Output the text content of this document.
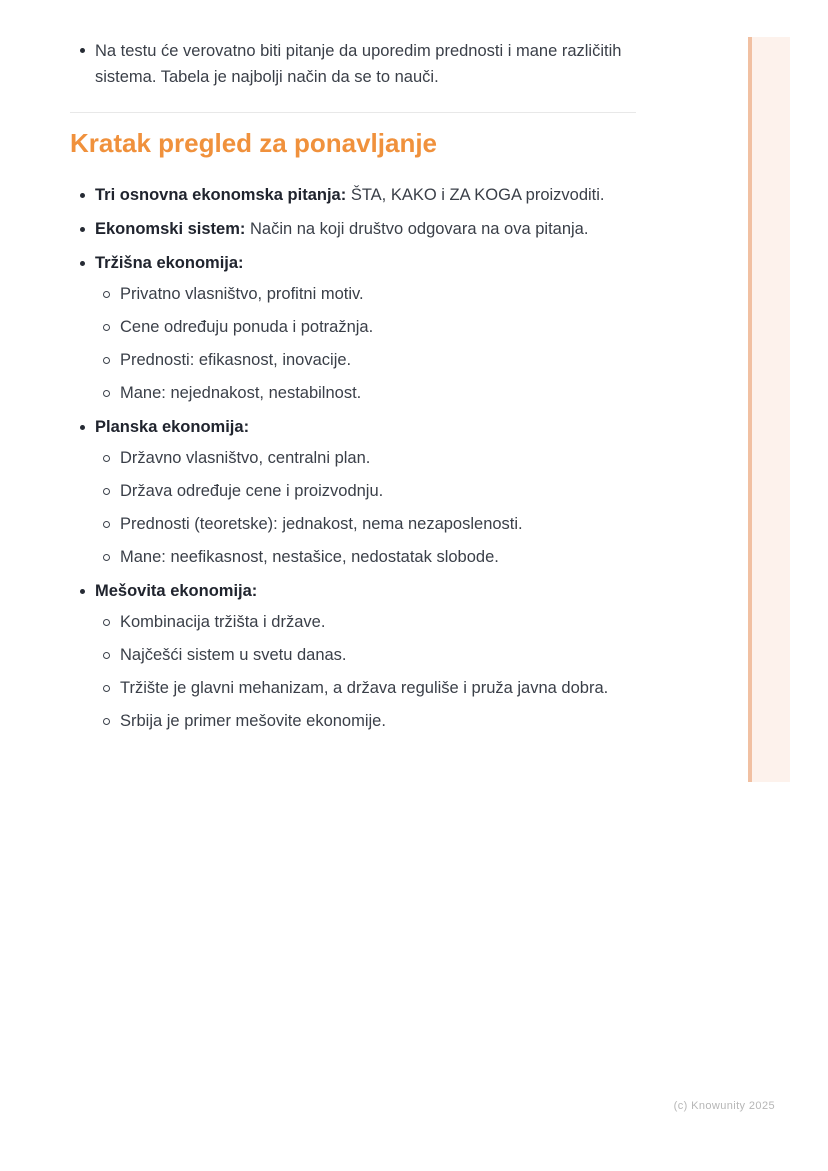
Na testu će verovatno biti pitanje da uporedim prednosti i mane različitih sistema. Tabela je najbolji način da se to nauči.
Kratak pregled za ponavljanje
Tri osnovna ekonomska pitanja: ŠTA, KAKO i ZA KOGA proizvoditi.
Ekonomski sistem: Način na koji društvo odgovara na ova pitanja.
Tržišna ekonomija:
Privatno vlasništvo, profitni motiv.
Cene određuju ponuda i potražnja.
Prednosti: efikasnost, inovacije.
Mane: nejednakost, nestabilnost.
Planska ekonomija:
Državno vlasništvo, centralni plan.
Država određuje cene i proizvodnju.
Prednosti (teoretske): jednakost, nema nezaposlenosti.
Mane: neefikasnost, nestašice, nedostatak slobode.
Mešovita ekonomija:
Kombinacija tržišta i države.
Najčešći sistem u svetu danas.
Tržište je glavni mehanizam, a država reguliše i pruža javna dobra.
Srbija je primer mešovite ekonomije.
(c) Knowunity 2025
